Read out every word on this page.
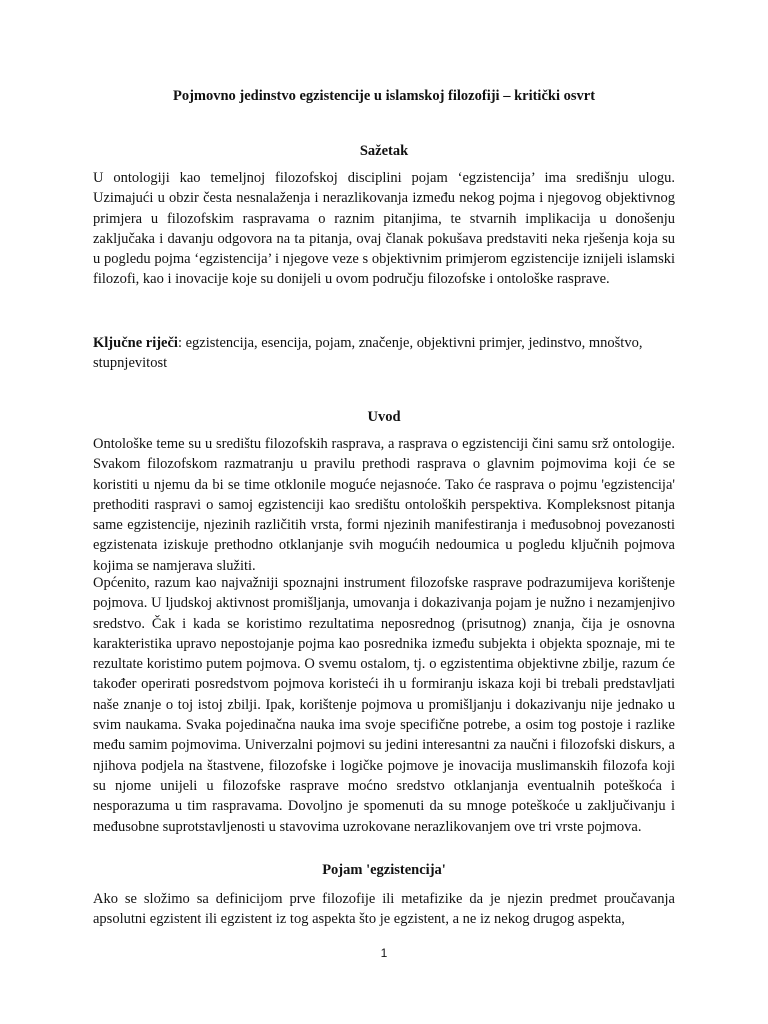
Pojmovno jedinstvo egzistencije u islamskoj filozofiji – kritički osvrt
Sažetak

U ontologiji kao temeljnoj filozofskoj disciplini pojam ‘egzistencija’ ima središnju ulogu. Uzimajući u obzir česta nesnalaženja i nerazlikovanja između nekog pojma i njegovog objektivnog primjera u filozofskim raspravama o raznim pitanjima, te stvarnih implikacija u donošenju zaključaka i davanju odgovora na ta pitanja, ovaj članak pokušava predstaviti neka rješenja koja su u pogledu pojma ‘egzistencija’ i njegove veze s objektivnim primjerom egzistencije iznijeli islamski filozofi, kao i inovacije koje su donijeli u ovom području filozofske i ontološke rasprave.

Ključne riječi: egzistencija, esencija, pojam, značenje, objektivni primjer, jedinstvo, mnoštvo, stupnjevitost

Uvod

Ontološke teme su u središtu filozofskih rasprava, a rasprava o egzistenciji čini samu srž ontologije. Svakom filozofskom razmatranju u pravilu prethodi rasprava o glavnim pojmovima koji će se koristiti u njemu da bi se time otklonile moguće nejasnoće. Tako će rasprava o pojmu 'egzistencija' prethoditi raspravi o samoj egzistenciji kao središtu ontoloških perspektiva. Kompleksnost pitanja same egzistencije, njezinih različitih vrsta, formi njezinih manifestiranja i međusobnoj povezanosti egzistenata iziskuje prethodno otklanjanje svih mogućih nedoumica u pogledu ključnih pojmova kojima se namjerava služiti.

Općenito, razum kao najvažniji spoznajni instrument filozofske rasprave podrazumijeva korištenje pojmova. U ljudskoj aktivnost promišljanja, umovanja i dokazivanja pojam je nužno i nezamjenjivo sredstvo. Čak i kada se koristimo rezultatima neposrednog (prisutnog) znanja, čija je osnovna karakteristika upravo nepostojanje pojma kao posrednika između subjekta i objekta spoznaje, mi te rezultate koristimo putem pojmova. O svemu ostalom, tj. o egzistentima objektivne zbilje, razum će također operirati posredstvom pojmova koristeći ih u formiranju iskaza koji bi trebali predstavljati naše znanje o toj istoj zbilji. Ipak, korištenje pojmova u promišljanju i dokazivanju nije jednako u svim naukama. Svaka pojedinačna nauka ima svoje specifične potrebe, a osim tog postoje i razlike među samim pojmovima. Univerzalni pojmovi su jedini interesantni za naučni i filozofski diskurs, a njihova podjela na štastvene, filozofske i logičke pojmove je inovacija muslimanskih filozofa koji su njome unijeli u filozofske rasprave moćno sredstvo otklanjanja eventualnih poteškoća i nesporazuma u tim raspravama. Dovoljno je spomenuti da su mnoge poteškoće u zaključivanju i međusobne suprotstavljenosti u stavovima uzrokovane nerazlikovanjem ove tri vrste pojmova.

Pojam 'egzistencija'

Ako se složimo sa definicijom prve filozofije ili metafizike da je njezin predmet proučavanja apsolutni egzistent ili egzistent iz tog aspekta što je egzistent, a ne iz nekog drugog aspekta,

1
